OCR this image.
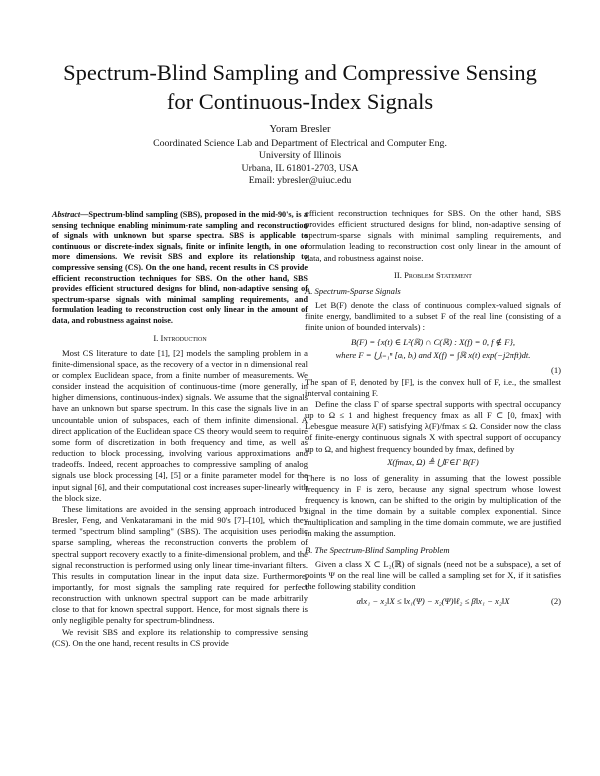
Spectrum-Blind Sampling and Compressive Sensing
for Continuous-Index Signals
Yoram Bresler
Coordinated Science Lab and Department of Electrical and Computer Eng.
University of Illinois
Urbana, IL 61801-2703, USA
Email: ybresler@uiuc.edu
Abstract—Spectrum-blind sampling (SBS), proposed in the mid-90's, is a sensing technique enabling minimum-rate sampling and reconstruction of signals with unknown but sparse spectra. SBS is applicable to continuous or discrete-index signals, finite or infinite length, in one or more dimensions. We revisit SBS and explore its relationship to compressive sensing (CS). On the one hand, recent results in CS provide efficient reconstruction techniques for SBS. On the other hand, SBS provides efficient structured designs for blind, non-adaptive sensing of spectrum-sparse signals with minimal sampling requirements, and formulation leading to reconstruction cost only linear in the amount of data, and robustness against noise.
I. Introduction

Most CS literature to date [1], [2] models the sampling problem in a finite-dimensional space, as the recovery of a vector in n dimensional real or complex Euclidean space, from a finite number of measurements. We consider instead the acquisition of continuous-time (more generally, in higher dimensions, continuous-index) signals. We assume that the signals have an unknown but sparse spectrum. In this case the signals live in an uncountable union of subspaces, each of them infinite dimensional. A direct application of the Euclidean space CS theory would seem to require some form of discretization in both frequency and time, as well as reduction to block processing, involving various approximations and tradeoffs. Indeed, recent approaches to compressive sampling of analog signals use block processing [4], [5] or a finite parameter model for the input signal [6], and their computational cost increases super-linearly with the block size.

These limitations are avoided in the sensing approach introduced by Bresler, Feng, and Venkataramani in the mid 90's [7]–[10], which they termed "spectrum blind sampling" (SBS). The acquisition uses periodic sparse sampling, whereas the reconstruction converts the problem of spectral support recovery exactly to a finite-dimensional problem, and the signal reconstruction is performed using only linear time-invariant filters. This results in computation linear in the input data size. Furthermore, importantly, for most signals the sampling rate required for perfect reconstruction with unknown spectral support can be made arbitrarily close to that for known spectral support. Hence, for most signals there is only negligible penalty for spectrum-blindness.

We revisit SBS and explore its relationship to compressive sensing (CS). On the one hand, recent results in CS provide

efficient reconstruction techniques for SBS. On the other hand, SBS provides efficient structured designs for blind, non-adaptive sensing of spectrum-sparse signals with minimal sampling requirements, and formulation leading to reconstruction cost only linear in the amount of data, and robustness against noise.

II. Problem Statement
A. Spectrum-Sparse Signals

Let B(F) denote the class of continuous complex-valued signals of finite energy, bandlimited to a subset F of the real line (consisting of a finite union of bounded intervals) :

B(F) = {x(t) ∈ L²(ℝ) ∩ C(ℝ) : X(f) = 0, f ∉ F},
where F = ⋃ᵢ₌₁ⁿ [aᵢ, bᵢ) and X(f) = ∫ℝ x(t) exp(−j2πft)dt.
(1)

The span of F, denoted by [F], is the convex hull of F, i.e., the smallest interval containing F.

Define the class Γ of sparse spectral supports with spectral occupancy up to Ω ≤ 1 and highest frequency fmax as all F ⊂ [0, fmax] with Lebesgue measure λ(F) satisfying λ(F)/fmax ≤ Ω. Consider now the class of finite-energy continuous signals X with spectral support of occupancy up to Ω, and highest frequency bounded by fmax, defined by

X(fmax, Ω) ≜ ⋃F∈Γ B(F)

There is no loss of generality in assuming that the lowest possible frequency in F is zero, because any signal spectrum whose lowest frequency is known, can be shifted to the origin by multiplication of the signal in the time domain by a suitable complex exponential. Since multiplication and sampling in the time domain commute, we are justified in making the assumption.

B. The Spectrum-Blind Sampling Problem

Given a class X ⊂ L₂(ℝ) of signals (need not be a subspace), a set of points Ψ on the real line will be called a sampling set for X, if it satisfies the following stability condition

α‖x₁ − x₂‖X ≤ ‖x₁(Ψ) − x₂(Ψ)‖ℓ₂ ≤ β‖x₁ − x₂‖X	(2)
